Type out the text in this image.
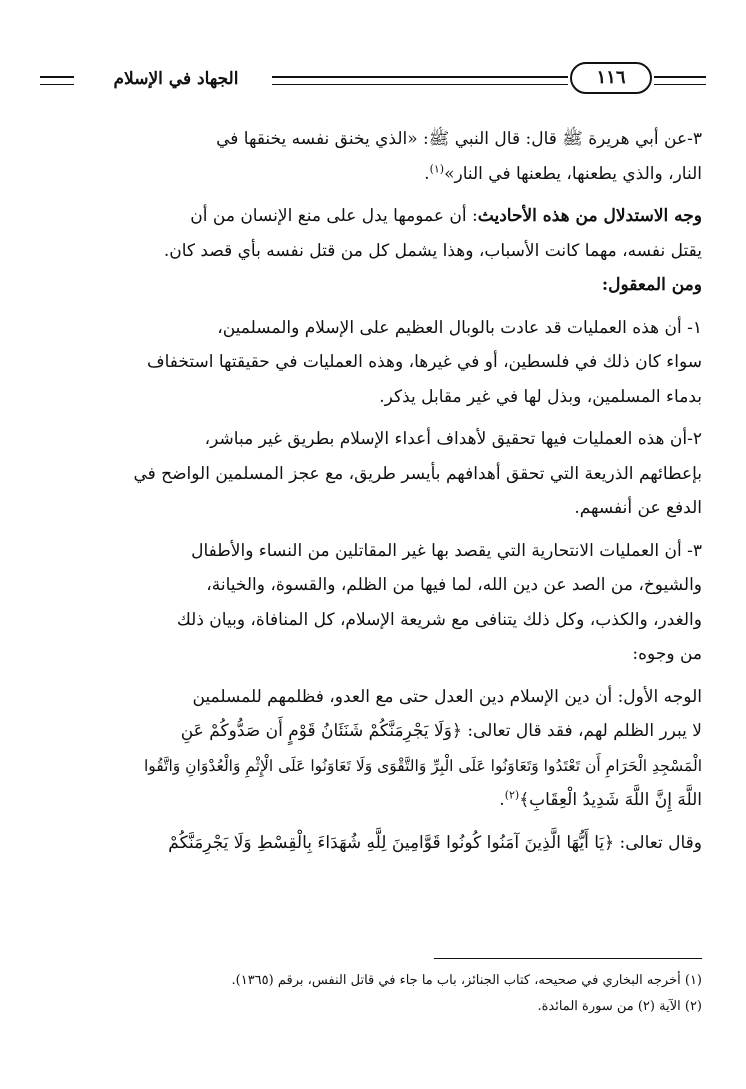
الجهاد في الإسلام	١١٦

٣-عن أبي هريرة ﷺ قال: قال النبي ﷺ: «الذي يخنق نفسه يخنقها في
النار، والذي يطعنها، يطعنها في النار»$^{(١)}$.

وجه الاستدلال من هذه الأحاديث: أن عمومها يدل على منع الإنسان من أن
يقتل نفسه، مهما كانت الأسباب، وهذا يشمل كل من قتل نفسه بأي قصد كان.

ومن المعقول:

١- أن هذه العمليات قد عادت بالوبال العظيم على الإسلام والمسلمين،
سواء كان ذلك في فلسطين، أو في غيرها، وهذه العمليات في حقيقتها استخفاف
بدماء المسلمين، وبذل لها في غير مقابل يذكر.

٢-أن هذه العمليات فيها تحقيق لأهداف أعداء الإسلام بطريق غير مباشر،
بإعطائهم الذريعة التي تحقق أهدافهم بأيسر طريق، مع عجز المسلمين الواضح في
الدفع عن أنفسهم.

٣- أن العمليات الانتحارية التي يقصد بها غير المقاتلين من النساء والأطفال
والشيوخ، من الصد عن دين الله، لما فيها من الظلم، والقسوة، والخيانة،
والغدر، والكذب، وكل ذلك يتنافى مع شريعة الإسلام، كل المنافاة، وبيان ذلك
من وجوه:

الوجه الأول: أن دين الإسلام دين العدل حتى مع العدو، فظلمهم للمسلمين
لا يبرر الظلم لهم، فقد قال تعالى: ﴿وَلَا يَجْرِمَنَّكُمْ شَنَئَانُ قَوْمٍ أَن صَدُّوكُمْ عَنِ
الْمَسْجِدِ الْحَرَامِ أَن تَعْتَدُوا وَتَعَاوَنُوا عَلَى الْبِرِّ وَالتَّقْوَى وَلَا تَعَاوَنُوا عَلَى الْإِثْمِ وَالْعُدْوَانِ وَاتَّقُوا
اللَّهَ إِنَّ اللَّهَ شَدِيدُ الْعِقَابِ﴾$^{(٢)}$.

وقال تعالى: ﴿يَا أَيُّهَا الَّذِينَ آمَنُوا كُونُوا قَوَّامِينَ لِلَّهِ شُهَدَاءَ بِالْقِسْطِ وَلَا يَجْرِمَنَّكُمْ

(١) أخرجه البخاري في صحيحه، كتاب الجنائز، باب ما جاء في قاتل النفس، برقم (١٣٦٥).

(٢) الآية (٢) من سورة المائدة.
